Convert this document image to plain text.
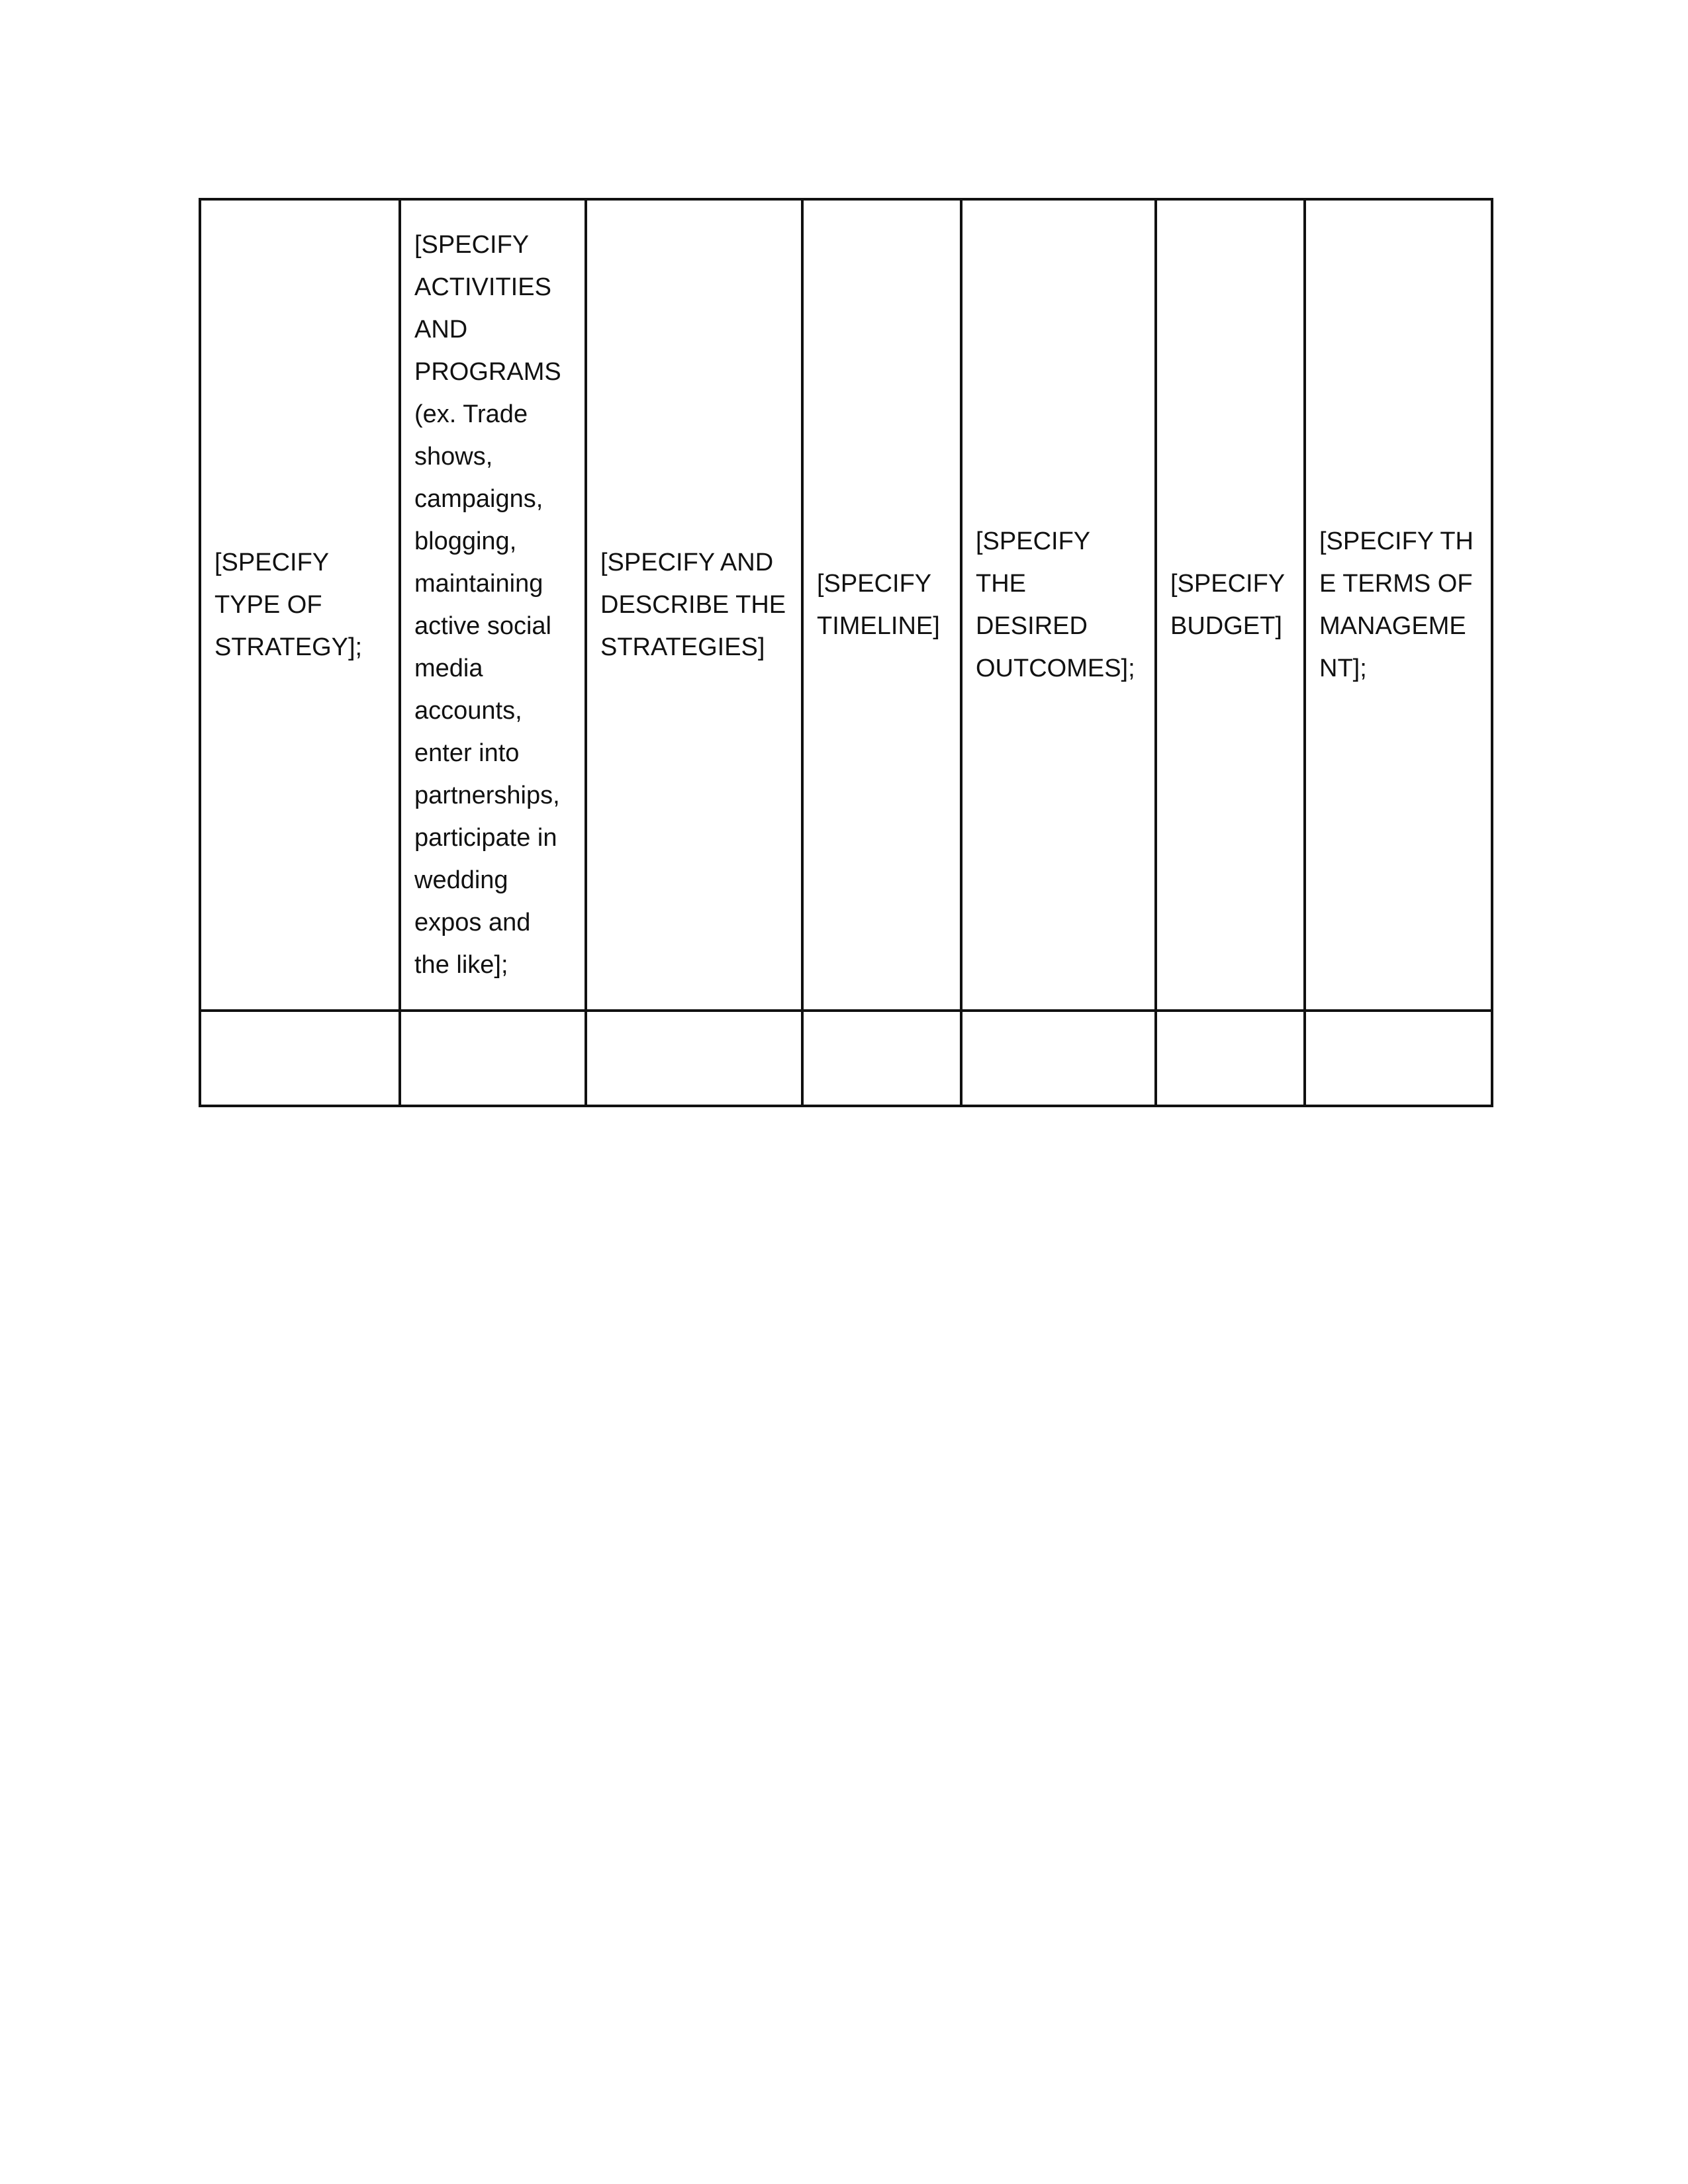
[SPECIFY TYPE OF STRATEGY];	[SPECIFY ACTIVITIES AND PROGRAMS (ex. Trade shows, campaigns, blogging, maintaining active social media accounts, enter into partnerships, participate in wedding expos and the like];	[SPECIFY AND DESCRIBE THE STRATEGIES]	[SPECIFY TIMELINE]	[SPECIFY THE DESIRED OUTCOMES];	[SPECIFY BUDGET]	[SPECIFY THE TERMS OF MANAGEMENT];
